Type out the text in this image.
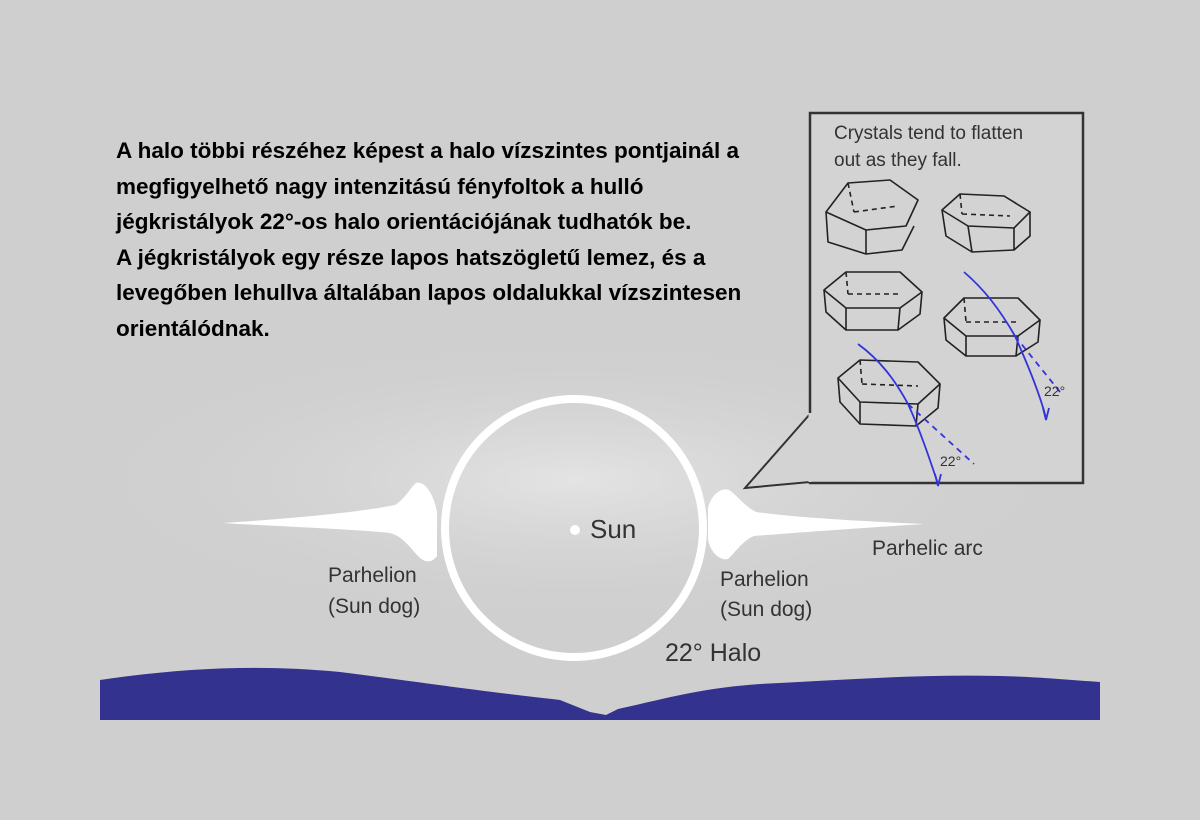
Sun
Parhelion
(Sun dog)
Parhelion
(Sun dog)
Parhelic arc
22° Halo
Crystals tend to flatten
out as they fall.
22°
22°

A halo többi részéhez képest a halo vízszintes pontjainál a megfigyelhető nagy intenzitású fényfoltok a hulló jégkristályok 22°-os halo orientációjának tudhatók be.

A jégkristályok egy része lapos hatszögletű lemez, és a levegőben lehullva általában lapos oldalukkal vízszintesen orientálódnak.
